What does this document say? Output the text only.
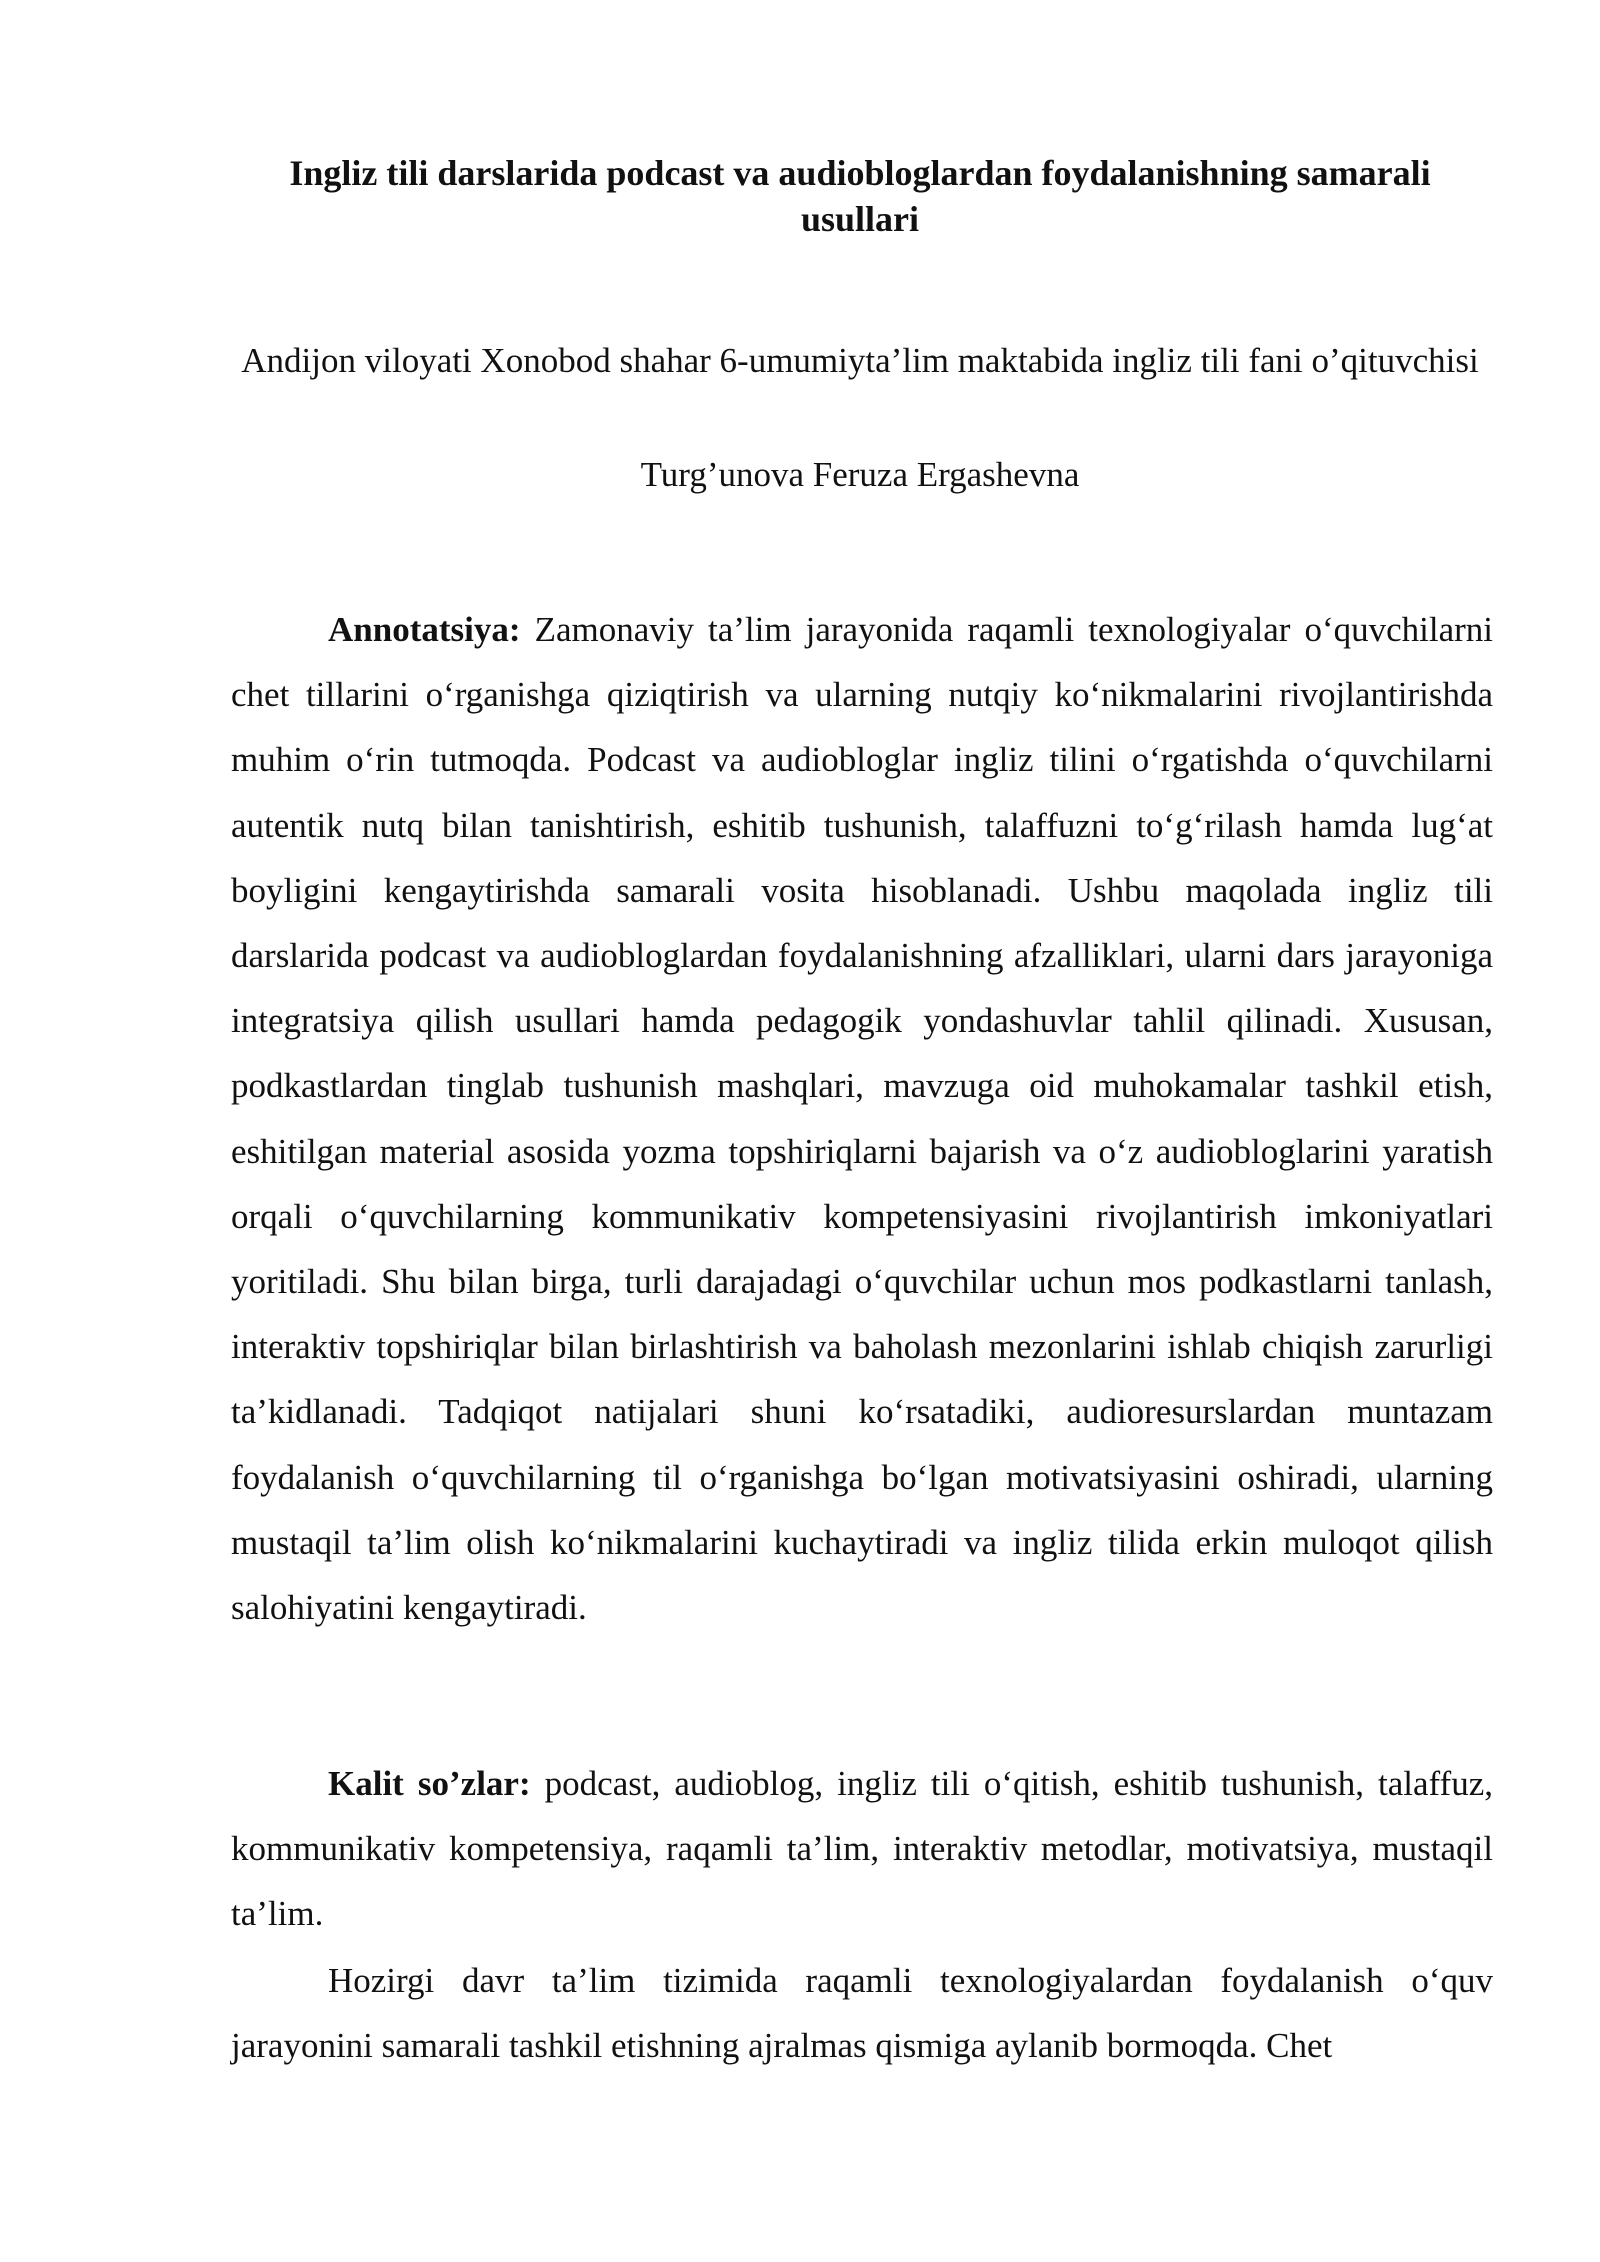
Ingliz tili darslarida podcast va audiobloglardan foydalanishning samarali usullari

Andijon viloyati Xonobod shahar 6-umumiyta’lim maktabida ingliz tili fani o’qituvchisi

Turg’unova Feruza Ergashevna

Annotatsiya: Zamonaviy ta’lim jarayonida raqamli texnologiyalar o‘quvchilarni chet tillarini o‘rganishga qiziqtirish va ularning nutqiy ko‘nikmalarini rivojlantirishda muhim o‘rin tutmoqda. Podcast va audiobloglar ingliz tilini o‘rgatishda o‘quvchilarni autentik nutq bilan tanishtirish, eshitib tushunish, talaffuzni to‘g‘rilash hamda lug‘at boyligini kengaytirishda samarali vosita hisoblanadi. Ushbu maqolada ingliz tili darslarida podcast va audiobloglardan foydalanishning afzalliklari, ularni dars jarayoniga integratsiya qilish usullari hamda pedagogik yondashuvlar tahlil qilinadi. Xususan, podkastlardan tinglab tushunish mashqlari, mavzuga oid muhokamalar tashkil etish, eshitilgan material asosida yozma topshiriqlarni bajarish va o‘z audiobloglarini yaratish orqali o‘quvchilarning kommunikativ kompetensiyasini rivojlantirish imkoniyatlari yoritiladi. Shu bilan birga, turli darajadagi o‘quvchilar uchun mos podkastlarni tanlash, interaktiv topshiriqlar bilan birlashtirish va baholash mezonlarini ishlab chiqish zarurligi ta’kidlanadi. Tadqiqot natijalari shuni ko‘rsatadiki, audioresurslardan muntazam foydalanish o‘quvchilarning til o‘rganishga bo‘lgan motivatsiyasini oshiradi, ularning mustaqil ta’lim olish ko‘nikmalarini kuchaytiradi va ingliz tilida erkin muloqot qilish salohiyatini kengaytiradi.

Kalit so’zlar: podcast, audioblog, ingliz tili o‘qitish, eshitib tushunish, talaffuz, kommunikativ kompetensiya, raqamli ta’lim, interaktiv metodlar, motivatsiya, mustaqil ta’lim.

Hozirgi davr ta’lim tizimida raqamli texnologiyalardan foydalanish o‘quv jarayonini samarali tashkil etishning ajralmas qismiga aylanib bormoqda. Chet
